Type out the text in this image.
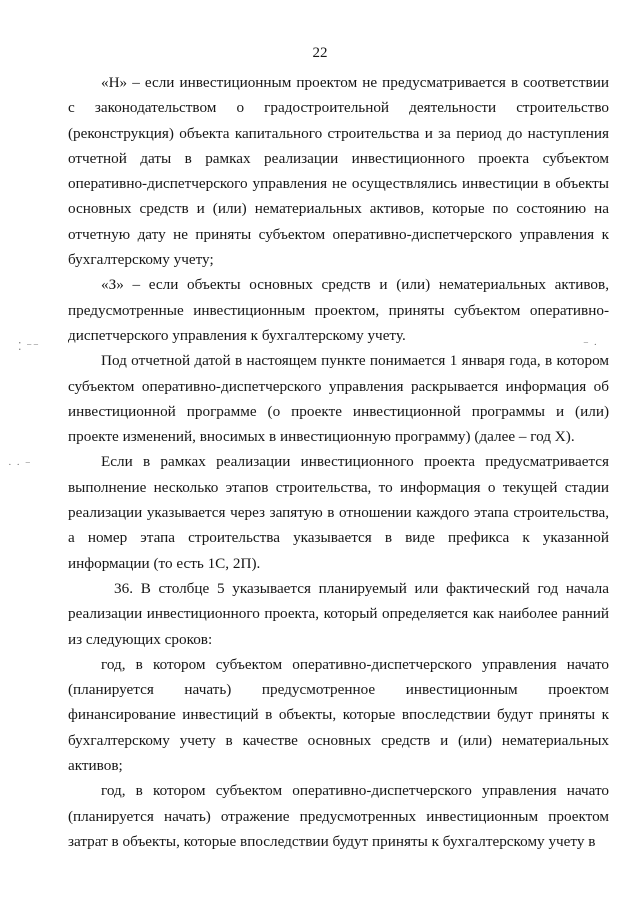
22

«Н» – если инвестиционным проектом не предусматривается в соответствии с законодательством о градостроительной деятельности строительство (реконструкция) объекта капитального строительства и за период до наступления отчетной даты в рамках реализации инвестиционного проекта субъектом оперативно-диспетчерского управления не осуществлялись инвестиции в объекты основных средств и (или) нематериальных активов, которые по состоянию на отчетную дату не приняты субъектом оперативно-диспетчерского управления к бухгалтерскому учету;

«З» – если объекты основных средств и (или) нематериальных активов, предусмотренные инвестиционным проектом, приняты субъектом оперативно-диспетчерского управления к бухгалтерскому учету.

Под отчетной датой в настоящем пункте понимается 1 января года, в котором субъектом оперативно-диспетчерского управления раскрывается информация об инвестиционной программе (о проекте инвестиционной программы и (или) проекте изменений, вносимых в инвестиционную программу) (далее – год X).

Если в рамках реализации инвестиционного проекта предусматривается выполнение несколько этапов строительства, то информация о текущей стадии реализации указывается через запятую в отношении каждого этапа строительства, а номер этапа строительства указывается в виде префикса к указанной информации (то есть 1С, 2П).

36. В столбце 5 указывается планируемый или фактический год начала реализации инвестиционного проекта, который определяется как наиболее ранний из следующих сроков:

год, в котором субъектом оперативно-диспетчерского управления начато (планируется начать) предусмотренное инвестиционным проектом финансирование инвестиций в объекты, которые впоследствии будут приняты к бухгалтерскому учету в качестве основных средств и (или) нематериальных активов;

год, в котором субъектом оперативно-диспетчерского управления начато (планируется начать) отражение предусмотренных инвестиционным проектом затрат в объекты, которые впоследствии будут приняты к бухгалтерскому учету в

⁚ ⁻⁻
· · ⁻
⁻ ·
